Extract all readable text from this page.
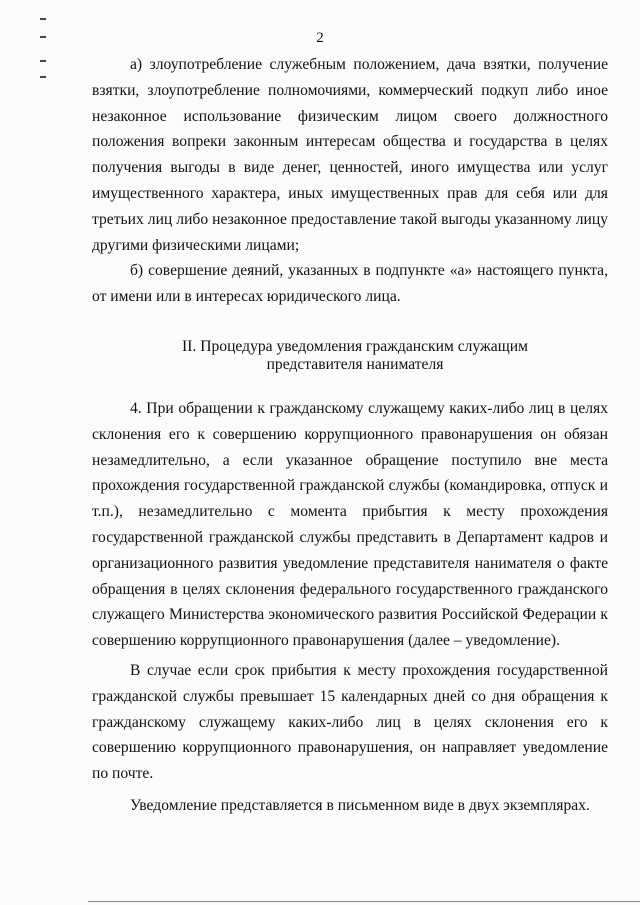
2

а) злоупотребление служебным положением, дача взятки, получение взятки, злоупотребление полномочиями, коммерческий подкуп либо иное незаконное использование физическим лицом своего должностного положения вопреки законным интересам общества и государства в целях получения выгоды в виде денег, ценностей, иного имущества или услуг имущественного характера, иных имущественных прав для себя или для третьих лиц либо незаконное предоставление такой выгоды указанному лицу другими физическими лицами;

б) совершение деяний, указанных в подпункте «а» настоящего пункта, от имени или в интересах юридического лица.

II. Процедура уведомления гражданским служащим
представителя нанимателя

4. При обращении к гражданскому служащему каких-либо лиц в целях склонения его к совершению коррупционного правонарушения он обязан незамедлительно, а если указанное обращение поступило вне места прохождения государственной гражданской службы (командировка, отпуск и т.п.), незамедлительно с момента прибытия к месту прохождения государственной гражданской службы представить в Департамент кадров и организационного развития уведомление представителя нанимателя о факте обращения в целях склонения федерального государственного гражданского служащего Министерства экономического развития Российской Федерации к совершению коррупционного правонарушения (далее – уведомление).

В случае если срок прибытия к месту прохождения государственной гражданской службы превышает 15 календарных дней со дня обращения к гражданскому служащему каких-либо лиц в целях склонения его к совершению коррупционного правонарушения, он направляет уведомление по почте.

Уведомление представляется в письменном виде в двух экземплярах.
